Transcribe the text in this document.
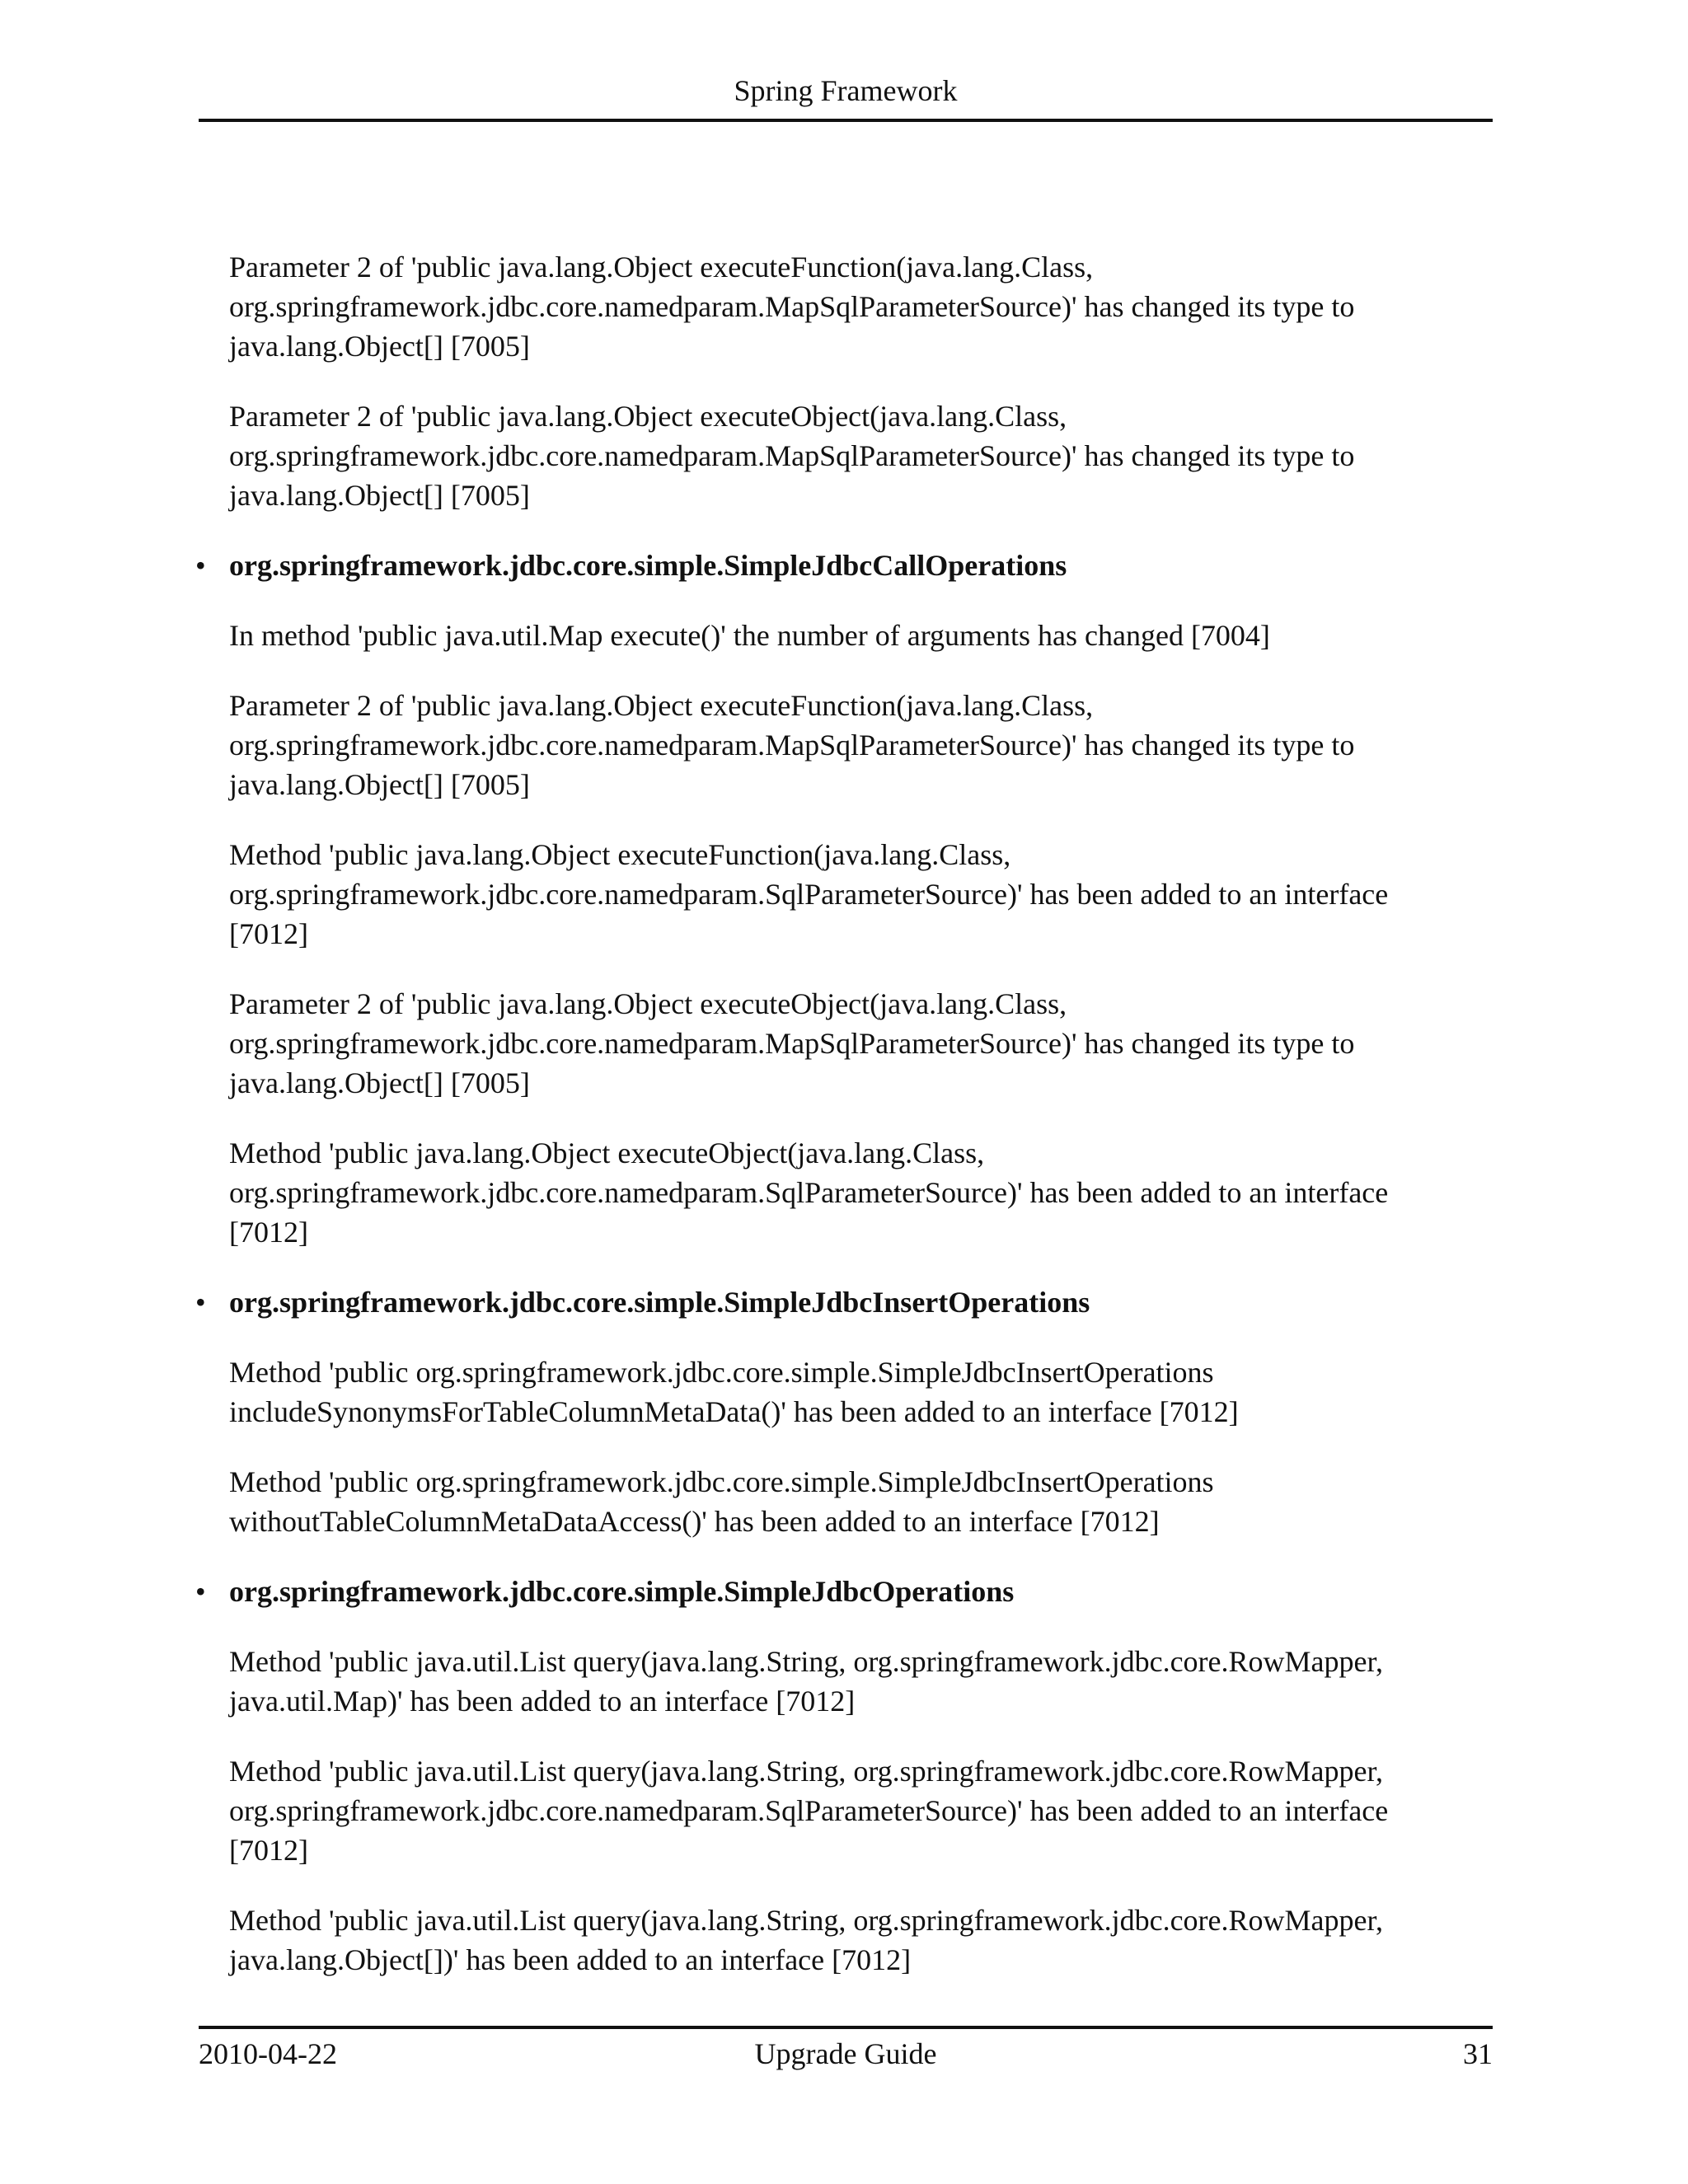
Spring Framework

Parameter 2 of 'public java.lang.Object executeFunction(java.lang.Class,
org.springframework.jdbc.core.namedparam.MapSqlParameterSource)' has changed its type to
java.lang.Object[] [7005]

Parameter 2 of 'public java.lang.Object executeObject(java.lang.Class,
org.springframework.jdbc.core.namedparam.MapSqlParameterSource)' has changed its type to
java.lang.Object[] [7005]

• org.springframework.jdbc.core.simple.SimpleJdbcCallOperations

In method 'public java.util.Map execute()' the number of arguments has changed [7004]

Parameter 2 of 'public java.lang.Object executeFunction(java.lang.Class,
org.springframework.jdbc.core.namedparam.MapSqlParameterSource)' has changed its type to
java.lang.Object[] [7005]

Method 'public java.lang.Object executeFunction(java.lang.Class,
org.springframework.jdbc.core.namedparam.SqlParameterSource)' has been added to an interface
[7012]

Parameter 2 of 'public java.lang.Object executeObject(java.lang.Class,
org.springframework.jdbc.core.namedparam.MapSqlParameterSource)' has changed its type to
java.lang.Object[] [7005]

Method 'public java.lang.Object executeObject(java.lang.Class,
org.springframework.jdbc.core.namedparam.SqlParameterSource)' has been added to an interface
[7012]

• org.springframework.jdbc.core.simple.SimpleJdbcInsertOperations

Method 'public org.springframework.jdbc.core.simple.SimpleJdbcInsertOperations
includeSynonymsForTableColumnMetaData()' has been added to an interface [7012]

Method 'public org.springframework.jdbc.core.simple.SimpleJdbcInsertOperations
withoutTableColumnMetaDataAccess()' has been added to an interface [7012]

• org.springframework.jdbc.core.simple.SimpleJdbcOperations

Method 'public java.util.List query(java.lang.String, org.springframework.jdbc.core.RowMapper,
java.util.Map)' has been added to an interface [7012]

Method 'public java.util.List query(java.lang.String, org.springframework.jdbc.core.RowMapper,
org.springframework.jdbc.core.namedparam.SqlParameterSource)' has been added to an interface
[7012]

Method 'public java.util.List query(java.lang.String, org.springframework.jdbc.core.RowMapper,
java.lang.Object[])' has been added to an interface [7012]

2010-04-22	Upgrade Guide	31
